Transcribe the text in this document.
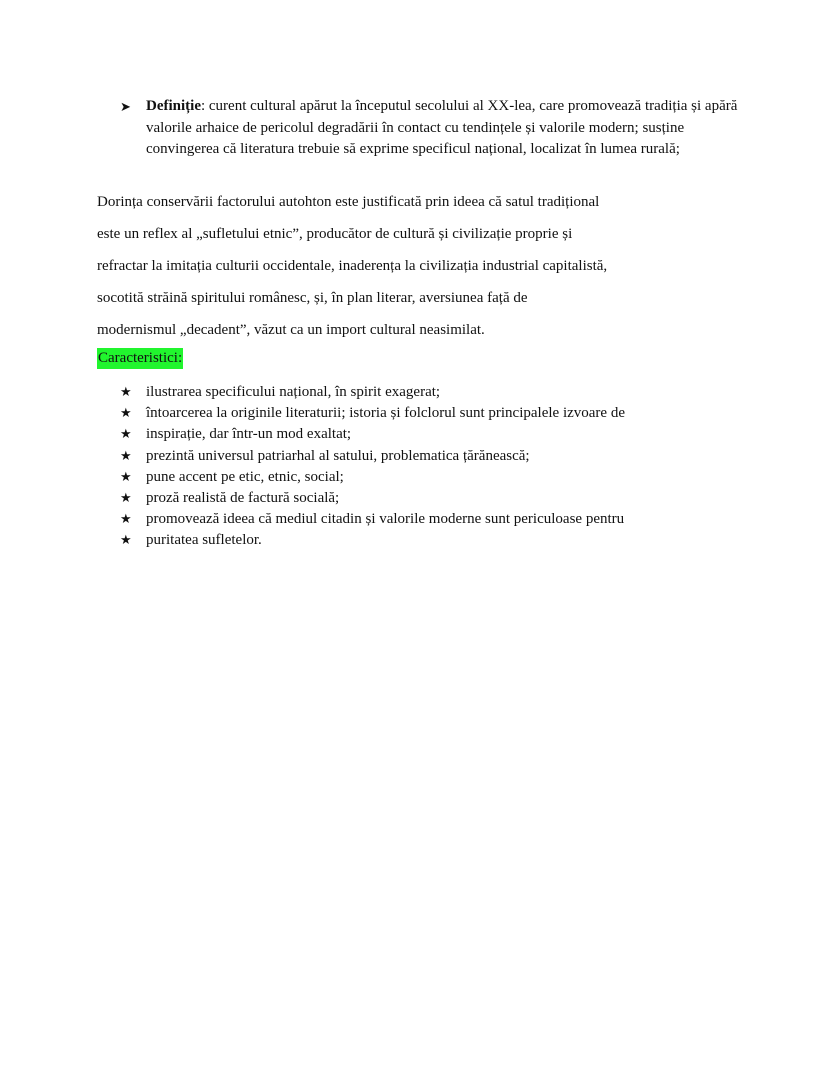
➤	Definiție: curent cultural apărut la începutul secolului al XX-lea, care promovează tradiția și apără valorile arhaice de pericolul degradării în contact cu tendințele și valorile modern; susține convingerea că literatura trebuie să exprime specificul național, localizat în lumea rurală;
Dorința conservării factorului autohton este justificată prin ideea că satul tradițional
este un reflex al „sufletului etnic”, producător de cultură și civilizație proprie și
refractar la imitația culturii occidentale, inaderența la civilizația industrial capitalistă,
socotită străină spiritului românesc, și, în plan literar, aversiunea față de
modernismul „decadent”, văzut ca un import cultural neasimilat.
Caracteristici:
★ ilustrarea specificului național, în spirit exagerat;
★ întoarcerea la originile literaturii; istoria și folclorul sunt principalele izvoare de
★ inspirație, dar într-un mod exaltat;
★ prezintă universul patriarhal al satului, problematica țărănească;
★ pune accent pe etic, etnic, social;
★ proză realistă de factură socială;
★ promovează ideea că mediul citadin și valorile moderne sunt periculoase pentru
★ puritatea sufletelor.
